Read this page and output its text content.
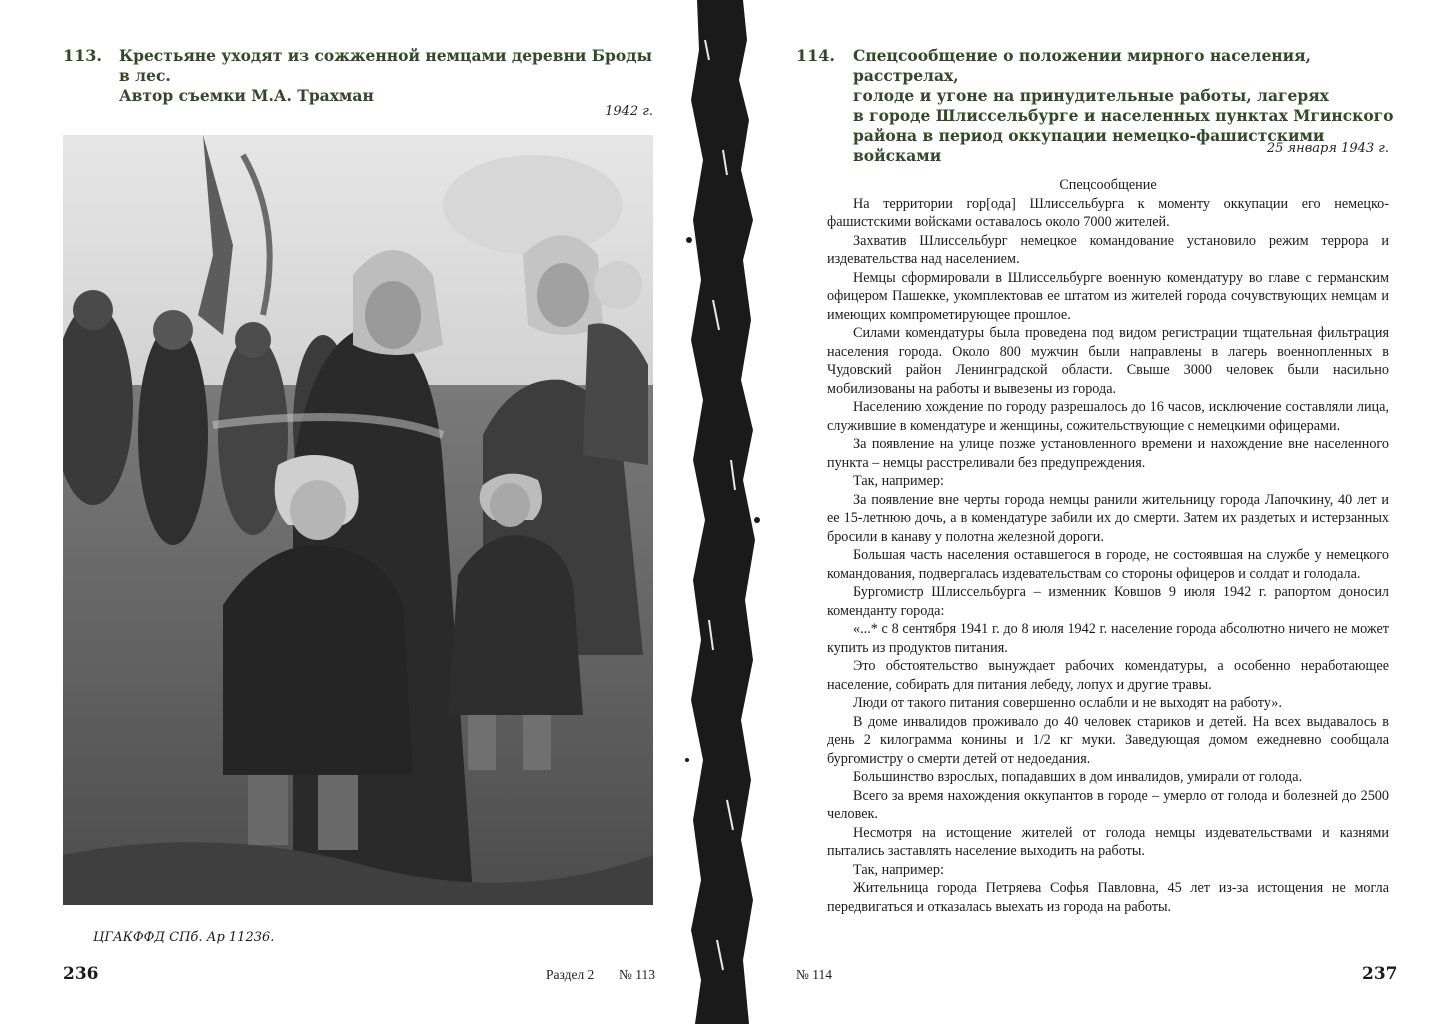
113. Крестьяне уходят из сожженной немцами деревни Броды в лес.
Автор съемки М.А. Трахман
1942 г.
ЦГАКФФД СПб. Ар 11236.
236	Раздел 2 № 113
114. Спецсообщение о положении мирного населения, расстрелах,
голоде и угоне на принудительные работы, лагерях
в городе Шлиссельбурге и населенных пунктах Мгинского
района в период оккупации немецко-фашистскими войсками	25 января 1943 г.
№ 114	237

Спецсообщение

На территории гор[ода] Шлиссельбурга к моменту оккупации его немецко-фашистскими войсками оставалось около 7000 жителей.

Захватив Шлиссельбург немецкое командование установило режим террора и издевательства над населением.

Немцы сформировали в Шлиссельбурге военную комендатуру во главе с германским офицером Пашекке, укомплектовав ее штатом из жителей города сочувствующих немцам и имеющих компрометирующее прошлое.

Силами комендатуры была проведена под видом регистрации тщательная фильтрация населения города. Около 800 мужчин были направлены в лагерь военнопленных в Чудовский район Ленинградской области. Свыше 3000 человек были насильно мобилизованы на работы и вывезены из города.

Населению хождение по городу разрешалось до 16 часов, исключение составляли лица, служившие в комендатуре и женщины, сожительствующие с немецкими офицерами.

За появление на улице позже установленного времени и нахождение вне населенного пункта – немцы расстреливали без предупреждения.

Так, например:

За появление вне черты города немцы ранили жительницу города Лапочкину, 40 лет и ее 15-летнюю дочь, а в комендатуре забили их до смерти. Затем их раздетых и истерзанных бросили в канаву у полотна железной дороги.

Большая часть населения оставшегося в городе, не состоявшая на службе у немецкого командования, подвергалась издевательствам со стороны офицеров и солдат и голодала.

Бургомистр Шлиссельбурга – изменник Ковшов 9 июля 1942 г. рапортом доносил коменданту города:

«...* с 8 сентября 1941 г. до 8 июля 1942 г. население города абсолютно ничего не может купить из продуктов питания.

Это обстоятельство вынуждает рабочих комендатуры, а особенно неработающее население, собирать для питания лебеду, лопух и другие травы.

Люди от такого питания совершенно ослабли и не выходят на работу».

В доме инвалидов проживало до 40 человек стариков и детей. На всех выдавалось в день 2 килограмма конины и 1/2 кг муки. Заведующая домом ежедневно сообщала бургомистру о смерти детей от недоедания.

Большинство взрослых, попадавших в дом инвалидов, умирали от голода.

Всего за время нахождения оккупантов в городе – умерло от голода и болезней до 2500 человек.

Несмотря на истощение жителей от голода немцы издевательствами и казнями пытались заставлять население выходить на работы.

Так, например:

Жительница города Петряева Софья Павловна, 45 лет из-за истощения не могла передвигаться и отказалась выехать из города на работы.
